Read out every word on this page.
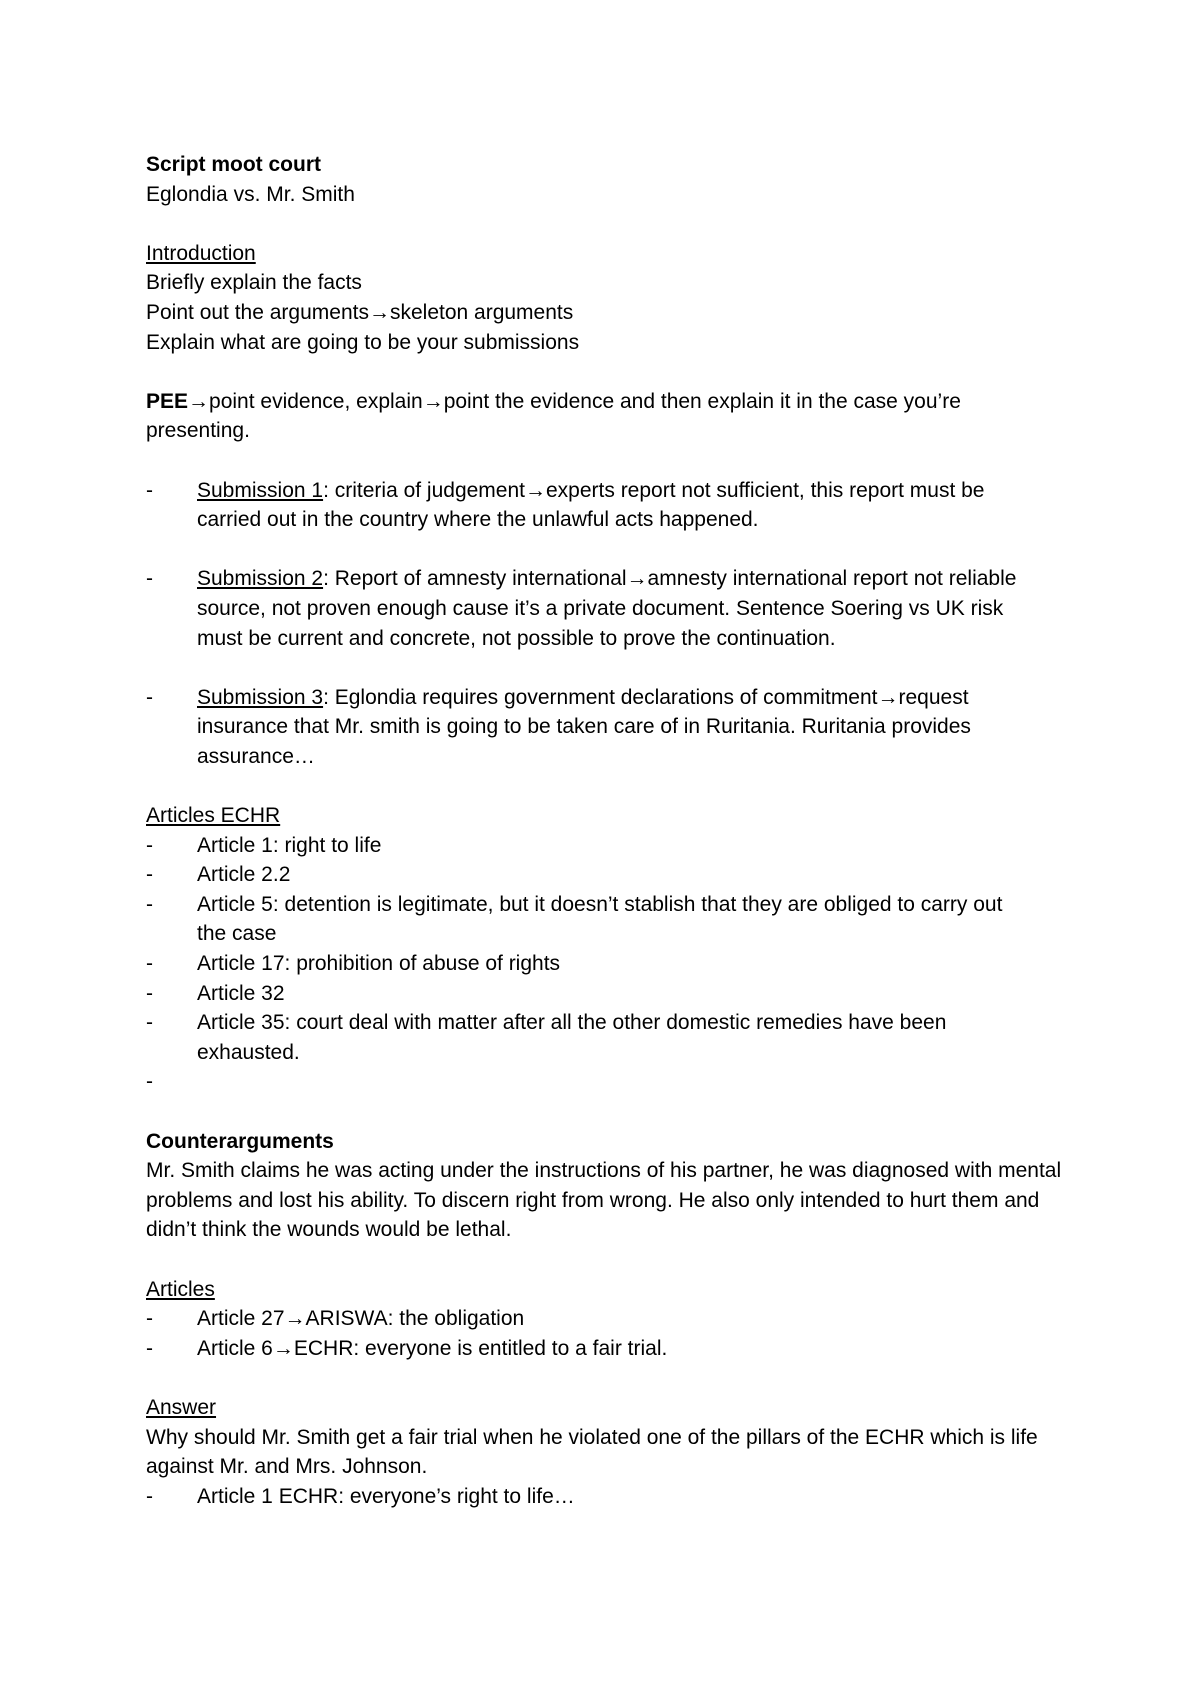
Script moot court
Eglondia vs. Mr. Smith
Introduction
Briefly explain the facts
Point out the arguments→skeleton arguments
Explain what are going to be your submissions
PEE→point evidence, explain→point the evidence and then explain it in the case you’re presenting.
-	Submission 1: criteria of judgement→experts report not sufficient, this report must be carried out in the country where the unlawful acts happened.
-	Submission 2: Report of amnesty international→amnesty international report not reliable source, not proven enough cause it’s a private document. Sentence Soering vs UK risk must be current and concrete, not possible to prove the continuation.
-	Submission 3: Eglondia requires government declarations of commitment→request insurance that Mr. smith is going to be taken care of in Ruritania. Ruritania provides assurance…
Articles ECHR
-	Article 1: right to life
-	Article 2.2
-	Article 5: detention is legitimate, but it doesn’t stablish that they are obliged to carry out the case
-	Article 17: prohibition of abuse of rights
-	Article 32
-	Article 35: court deal with matter after all the other domestic remedies have been exhausted.
-
Counterarguments
Mr. Smith claims he was acting under the instructions of his partner, he was diagnosed with mental problems and lost his ability. To discern right from wrong. He also only intended to hurt them and didn’t think the wounds would be lethal.
Articles
-	Article 27→ARISWA: the obligation
-	Article 6→ECHR: everyone is entitled to a fair trial.
Answer
Why should Mr. Smith get a fair trial when he violated one of the pillars of the ECHR which is life against Mr. and Mrs. Johnson.
-	Article 1 ECHR: everyone’s right to life…
